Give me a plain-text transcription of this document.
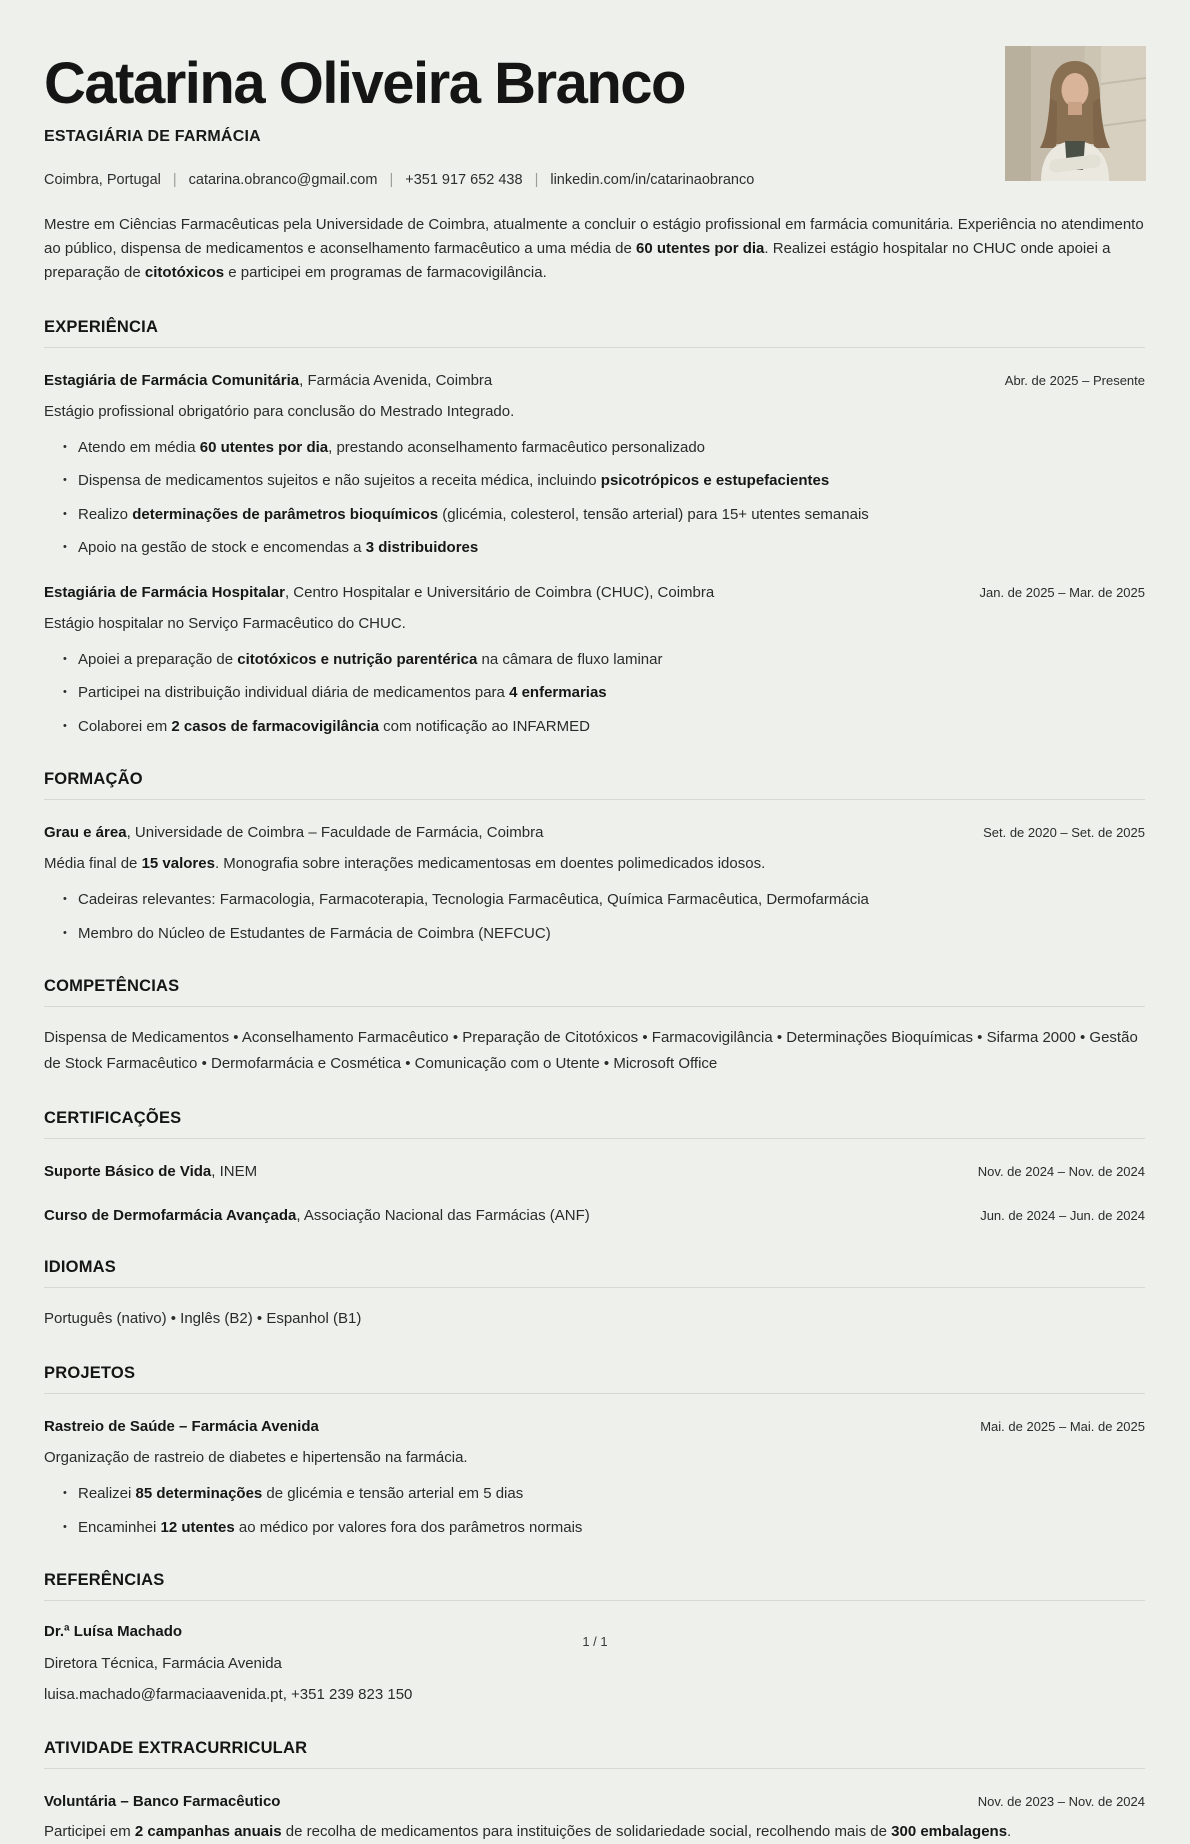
Catarina Oliveira Branco
ESTAGIÁRIA DE FARMÁCIA
Coimbra, Portugal | catarina.obranco@gmail.com | +351 917 652 438 | linkedin.com/in/catarinaobranco

Mestre em Ciências Farmacêuticas pela Universidade de Coimbra, atualmente a concluir o estágio profissional em farmácia comunitária. Experiência no atendimento ao público, dispensa de medicamentos e aconselhamento farmacêutico a uma média de 60 utentes por dia. Realizei estágio hospitalar no CHUC onde apoiei a preparação de citotóxicos e participei em programas de farmacovigilância.

EXPERIÊNCIA
Estagiária de Farmácia Comunitária, Farmácia Avenida, Coimbra	Abr. de 2025 – Presente

Estágio profissional obrigatório para conclusão do Mestrado Integrado.

• Atendo em média 60 utentes por dia, prestando aconselhamento farmacêutico personalizado
• Dispensa de medicamentos sujeitos e não sujeitos a receita médica, incluindo psicotrópicos e estupefacientes
• Realizo determinações de parâmetros bioquímicos (glicémia, colesterol, tensão arterial) para 15+ utentes semanais
• Apoio na gestão de stock e encomendas a 3 distribuidores
Estagiária de Farmácia Hospitalar, Centro Hospitalar e Universitário de Coimbra (CHUC), Coimbra	Jan. de 2025 – Mar. de 2025

Estágio hospitalar no Serviço Farmacêutico do CHUC.

• Apoiei a preparação de citotóxicos e nutrição parentérica na câmara de fluxo laminar
• Participei na distribuição individual diária de medicamentos para 4 enfermarias
• Colaborei em 2 casos de farmacovigilância com notificação ao INFARMED
FORMAÇÃO
Grau e área, Universidade de Coimbra – Faculdade de Farmácia, Coimbra	Set. de 2020 – Set. de 2025

Média final de 15 valores. Monografia sobre interações medicamentosas em doentes polimedicados idosos.

• Cadeiras relevantes: Farmacologia, Farmacoterapia, Tecnologia Farmacêutica, Química Farmacêutica, Dermofarmácia
• Membro do Núcleo de Estudantes de Farmácia de Coimbra (NEFCUC)
COMPETÊNCIAS

Dispensa de Medicamentos • Aconselhamento Farmacêutico • Preparação de Citotóxicos • Farmacovigilância • Determinações Bioquímicas • Sifarma 2000 • Gestão de Stock Farmacêutico • Dermofarmácia e Cosmética • Comunicação com o Utente • Microsoft Office

CERTIFICAÇÕES
Suporte Básico de Vida, INEM	Nov. de 2024 – Nov. de 2024
Curso de Dermofarmácia Avançada, Associação Nacional das Farmácias (ANF)	Jun. de 2024 – Jun. de 2024
IDIOMAS

Português (nativo) • Inglês (B2) • Espanhol (B1)

PROJETOS
Rastreio de Saúde – Farmácia Avenida	Mai. de 2025 – Mai. de 2025

Organização de rastreio de diabetes e hipertensão na farmácia.

• Realizei 85 determinações de glicémia e tensão arterial em 5 dias
• Encaminhei 12 utentes ao médico por valores fora dos parâmetros normais
REFERÊNCIAS

Dr.ª Luísa Machado

Diretora Técnica, Farmácia Avenida

luisa.machado@farmaciaavenida.pt, +351 239 823 150

ATIVIDADE EXTRACURRICULAR
Voluntária – Banco Farmacêutico	Nov. de 2023 – Nov. de 2024

Participei em 2 campanhas anuais de recolha de medicamentos para instituições de solidariedade social, recolhendo mais de 300 embalagens.

1 / 1
